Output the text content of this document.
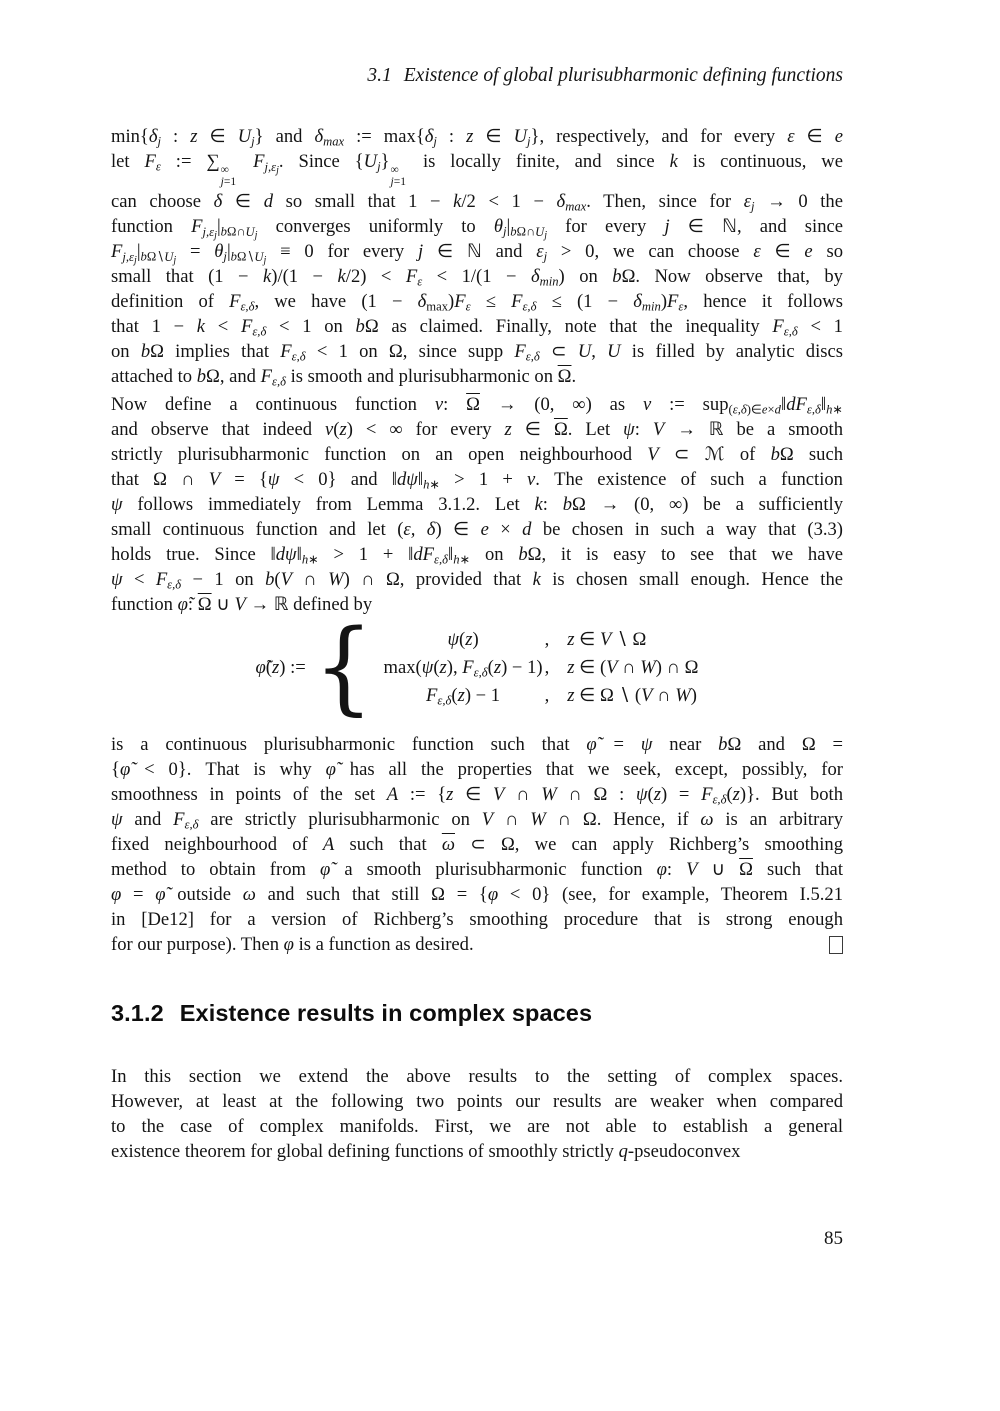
3.1 Existence of global plurisubharmonic defining functions
$\min\{\delta_j$ : z ∈ $U_j$} and $\delta_{max}$ := $\max\{\delta_j$ : z ∈ $U_j$}, respectively, and for every ε ∈ e
let $F_\varepsilon$ := ∑ ∞
j=1
$F_{j,\varepsilon_j}$. Since $\{U_j\}$ ∞
j=1
is locally finite, and since k is continuous, we
can choose δ ∈ d so small that $1 - k/2 < 1 - \delta_{max}$. Then, since for $\varepsilon_j \to 0$ the
function $F_{j,\varepsilon_j}|_{b\Omega\cap U_j}$ converges uniformly to $\theta_j|_{b\Omega\cap U_j}$ for every j ∈ ℕ, and since
$F_{j,\varepsilon_j}|_{b\Omega∖U_j} = \theta_j|_{b\Omega∖U_j} \equiv 0$ for every j ∈ ℕ and $\varepsilon_j > 0$, we can choose ε ∈ e so
small that $(1 - k)/(1 - k/2) < F_\varepsilon < 1/(1 - \delta_{min})$ on bΩ. Now observe that, by
definition of $F_{\varepsilon,\delta}$, we have $(1 - \delta_{max})F_\varepsilon \le F_{\varepsilon,\delta} \le (1 - \delta_{min})F_\varepsilon$, hence it follows
that $1 - k < F_{\varepsilon,\delta} < 1$ on bΩ as claimed. Finally, note that the inequality $F_{\varepsilon,\delta} < 1$
on bΩ implies that $F_{\varepsilon,\delta} < 1$ on Ω, since supp $F_{\varepsilon,\delta}$ ⊂ U, U is filled by analytic discs
attached to bΩ, and $F_{\varepsilon,\delta}$ is smooth and plurisubharmonic on $\overline{\Omega}$.
Now define a continuous function ν: $\overline{\Omega} \to (0$, ∞) as ν := $sup_{(\varepsilon,\delta)\in e\times d}‖dF_{\varepsilon,\delta}‖_{h∗}$
and observe that indeed ν(z) < ∞ for every z ∈ $\overline{\Omega}$. Let ψ: V → ℝ be a smooth
strictly plurisubharmonic function on an open neighbourhood V ⊂ ℳ of bΩ such
that Ω ∩ V = {ψ < 0} and $‖d\psi‖_{h∗} > 1 + \nu$. The existence of such a function
ψ follows immediately from Lemma 3.1.2. Let k: bΩ → (0, ∞) be a sufficiently
small continuous function and let (ε, δ) ∈ e × d be chosen in such a way that (3.3)
holds true. Since $‖d\psi‖_{h∗} > 1$ + $‖dF_{\varepsilon,\delta}‖_{h∗}$ on bΩ, it is easy to see that we have
$\psi < F_{\varepsilon,\delta} - 1$ on b(V ∩ W) ∩ Ω, provided that k is chosen small enough. Hence the
function φ̃: $\overline{\Omega}$ ∪ V → ℝ defined by
φ̃(z) := {	ψ(z)	, z ∈ V ∖ Ω
max(ψ(z), $F_{\varepsilon,\delta}(z) - 1$) , z ∈ (V ∩ W) ∩ Ω
$F_{\varepsilon,\delta}(z) - 1$ , z ∈ Ω ∖ (V ∩ W)
is a continuous plurisubharmonic function such that φ̃ = ψ near bΩ and Ω =
{φ̃ < 0}. That is why φ̃ has all the properties that we seek, except, possibly, for
smoothness in points of the set A := {z ∈ V ∩ W ∩ Ω : $\psi(z) = F_{\varepsilon,\delta}(z)$}. But both
ψ and $F_{\varepsilon,\delta}$ are strictly plurisubharmonic on V ∩ W ∩ Ω. Hence, if ω is an arbitrary
fixed neighbourhood of A such that $\overline{\omega}$ ⊂ Ω, we can apply Richberg’s smoothing
method to obtain from φ̃ a smooth plurisubharmonic function φ: V ∪ $\overline{\Omega}$ such that
φ = φ̃ outside ω and such that still Ω = {φ < 0} (see, for example, Theorem I.5.21
in [De12] for a version of Richberg’s smoothing procedure that is strong enough
for our purpose). Then φ is a function as desired.
3.1.2 Existence results in complex spaces
In this section we extend the above results to the setting of complex spaces.
However, at least at the following two points our results are weaker when compared
to the case of complex manifolds. First, we are not able to establish a general
existence theorem for global defining functions of smoothly strictly q-pseudoconvex
85
